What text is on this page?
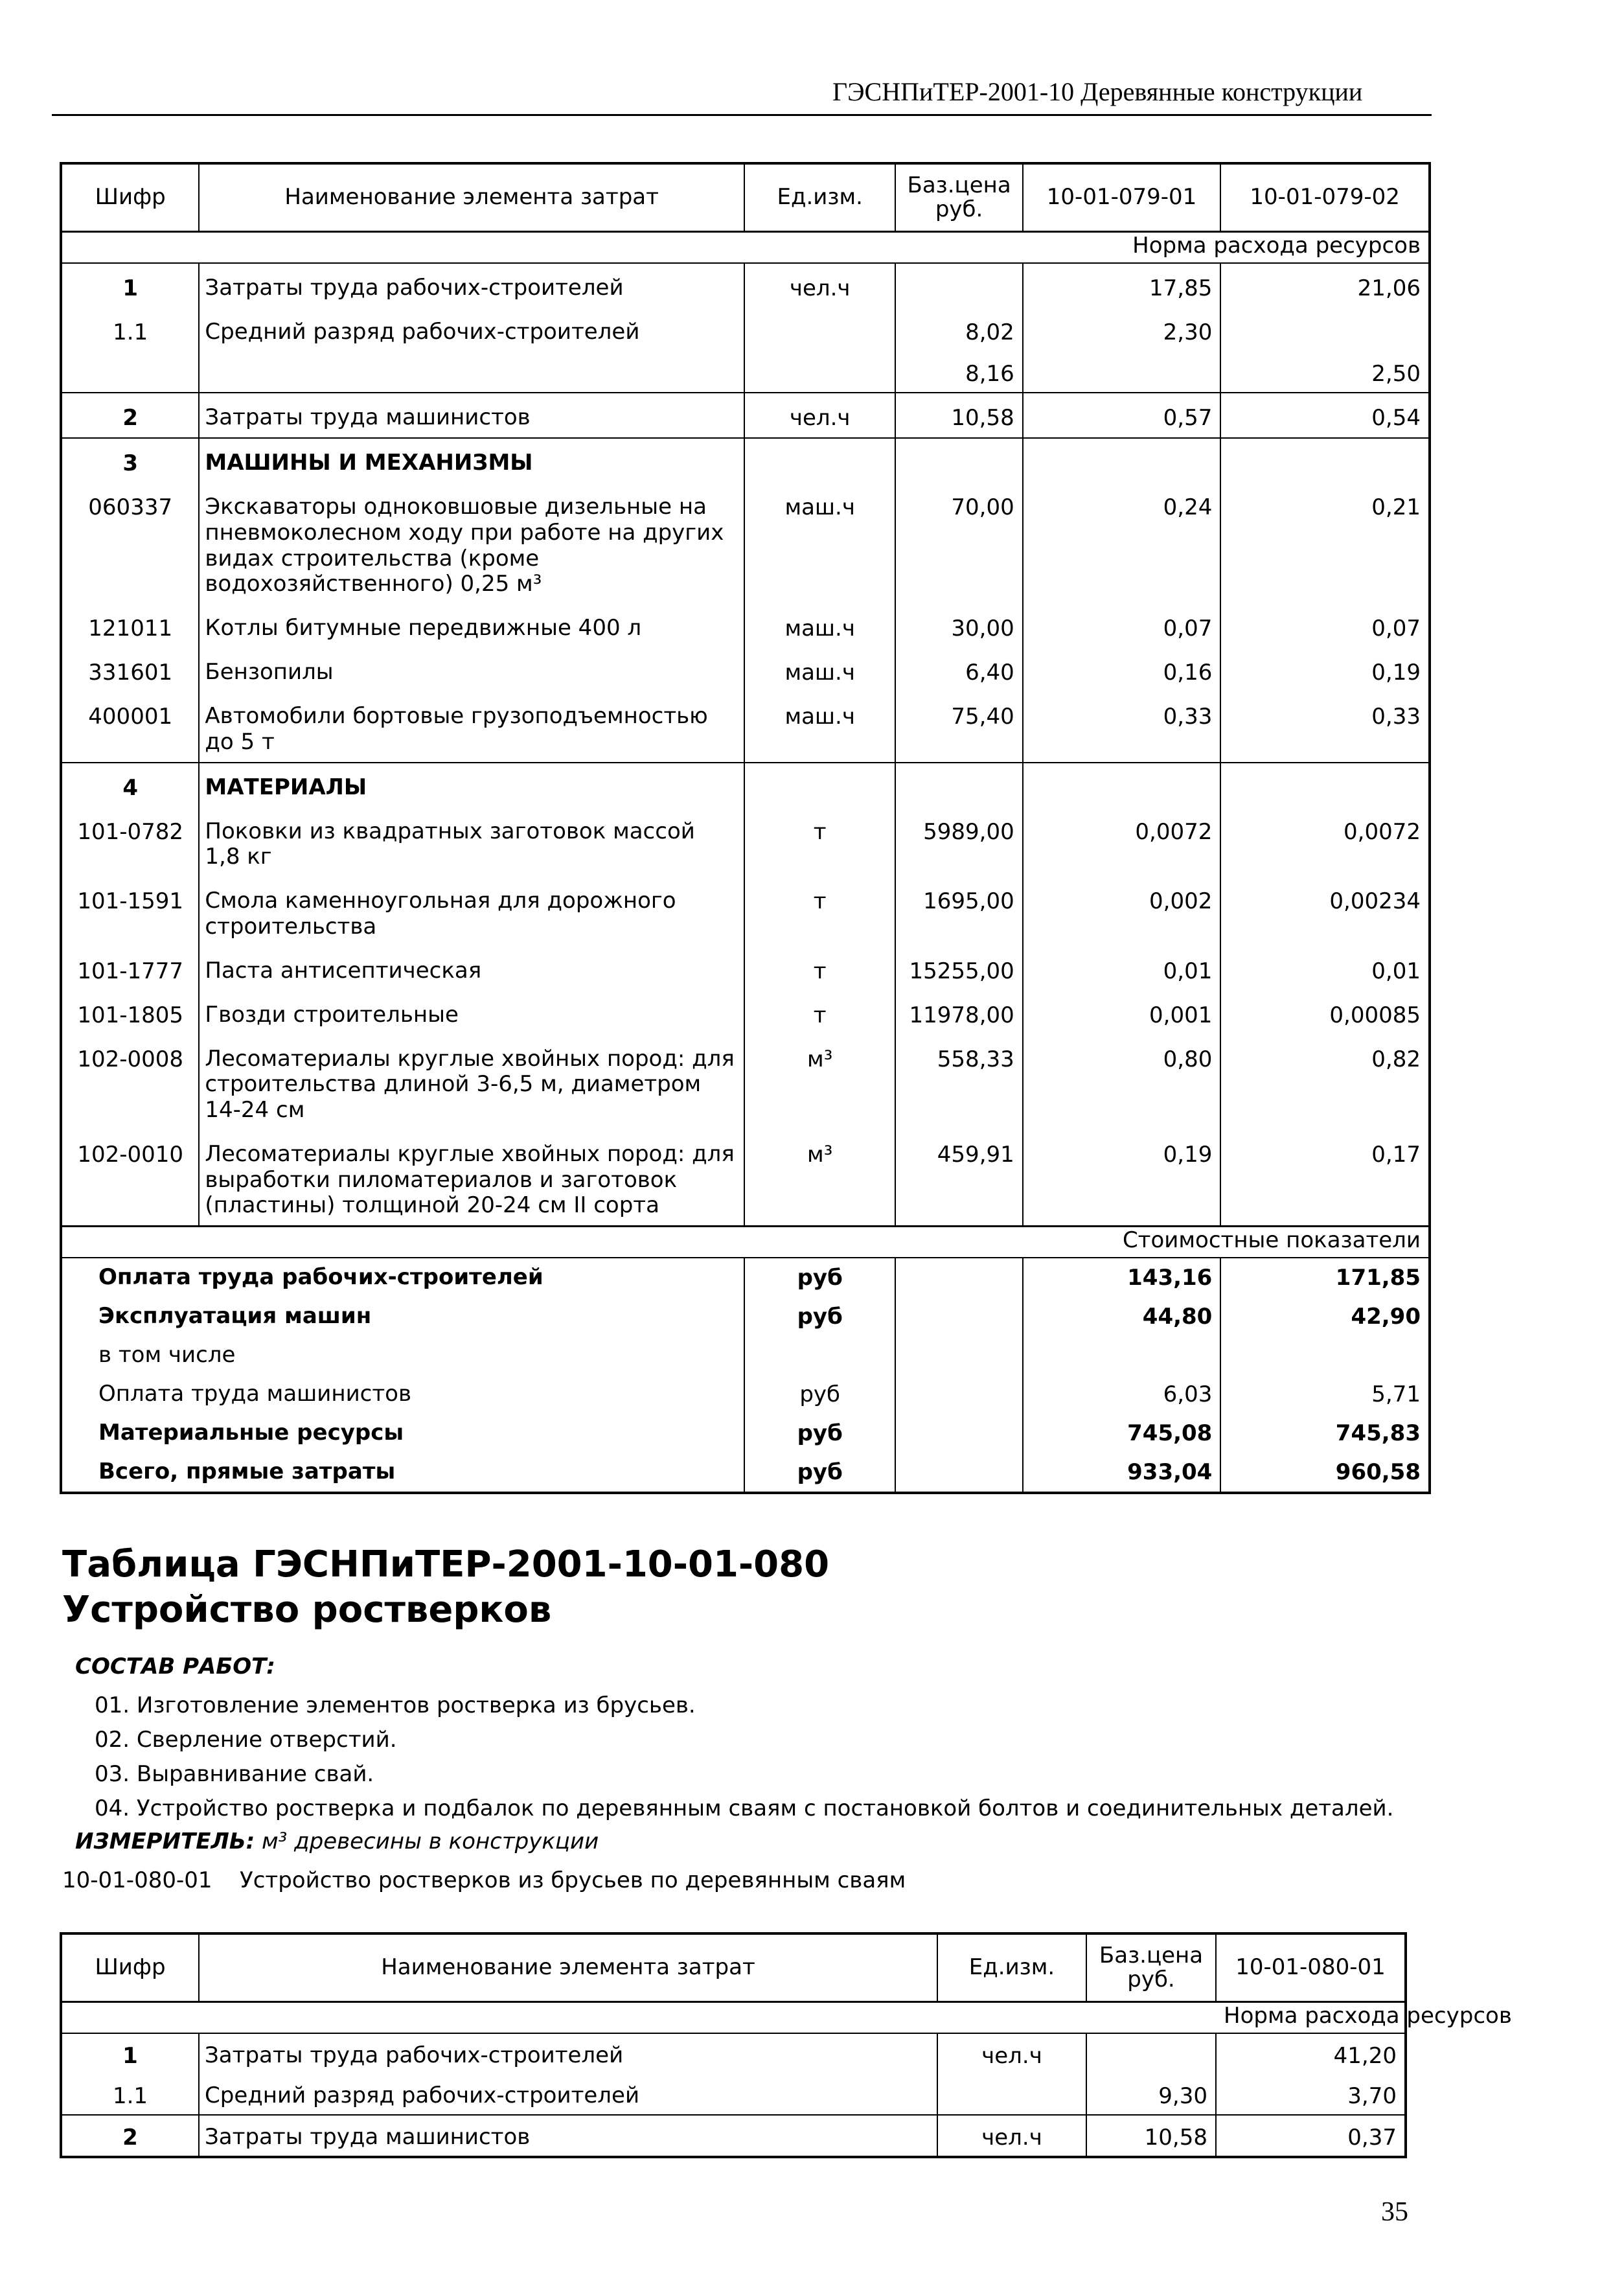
ГЭСНПиТЕР-2001-10 Деревянные конструкции
Шифр	Наименование элемента затрат	Ед.изм.	Баз.цена руб.	10-01-079-01	10-01-079-02
				Норма расхода ресурсов	
1	Затраты труда рабочих-строителей	чел.ч		17,85	21,06
1.1	Средний разряд рабочих-строителей		8,02	2,30	
			8,16		2,50
2	Затраты труда машинистов	чел.ч	10,58	0,57	0,54
3	МАШИНЫ И МЕХАНИЗМЫ				
060337	Экскаваторы одноковшовые дизельные на пневмоколесном ходу при работе на других видах строительства (кроме водохозяйственного) 0,25 м³	маш.ч	70,00	0,24	0,21
121011	Котлы битумные передвижные 400 л	маш.ч	30,00	0,07	0,07
331601	Бензопилы	маш.ч	6,40	0,16	0,19
400001	Автомобили бортовые грузоподъемностью до 5 т	маш.ч	75,40	0,33	0,33
4	МАТЕРИАЛЫ				
101-0782	Поковки из квадратных заготовок массой 1,8 кг	т	5989,00	0,0072	0,0072
101-1591	Смола каменноугольная для дорожного строительства	т	1695,00	0,002	0,00234
101-1777	Паста антисептическая	т	15255,00	0,01	0,01
101-1805	Гвозди строительные	т	11978,00	0,001	0,00085
102-0008	Лесоматериалы круглые хвойных пород: для строительства длиной 3-6,5 м, диаметром 14-24 см	м³	558,33	0,80	0,82
102-0010	Лесоматериалы круглые хвойных пород: для выработки пиломатериалов и заготовок (пластины) толщиной 20-24 см II сорта	м³	459,91	0,19	0,17
				Стоимостные показатели	
Оплата труда рабочих-строителей		руб		143,16	171,85
Эксплуатация машин		руб		44,80	42,90
в том числе					
Оплата труда машинистов		руб		6,03	5,71
Материальные ресурсы		руб		745,08	745,83
Всего, прямые затраты		руб		933,04	960,58
Таблица ГЭСНПиТЕР-2001-10-01-080
Устройство ростверков
СОСТАВ РАБОТ:
01. Изготовление элементов ростверка из брусьев.
02. Сверление отверстий.
03. Выравнивание свай.
04. Устройство ростверка и подбалок по деревянным сваям с постановкой болтов и соединительных деталей.
ИЗМЕРИТЕЛЬ: м³ древесины в конструкции
10-01-080-01 Устройство ростверков из брусьев по деревянным сваям
Шифр	Наименование элемента затрат	Ед.изм.	Баз.цена руб.	10-01-080-01
				Норма расхода ресурсов
1	Затраты труда рабочих-строителей	чел.ч		41,20
1.1	Средний разряд рабочих-строителей		9,30	3,70
2	Затраты труда машинистов	чел.ч	10,58	0,37
35
